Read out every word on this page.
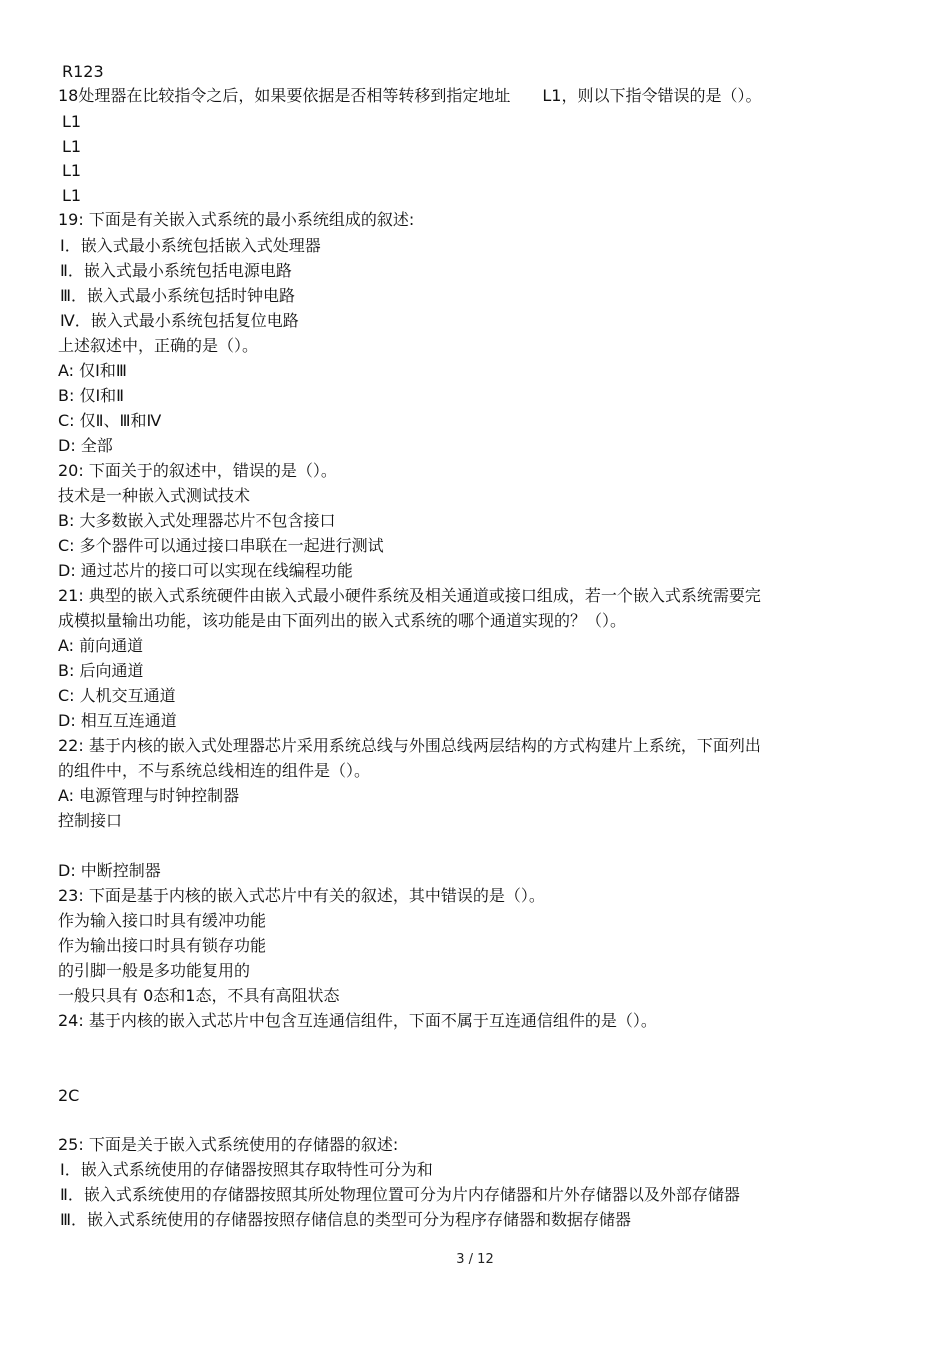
R123
18处理器在比较指令之后，如果要依据是否相等转移到指定地址　　L1，则以下指令错误的是（）。
L1
L1
L1
L1
19: 下面是有关嵌入式系统的最小系统组成的叙述:
Ⅰ．嵌入式最小系统包括嵌入式处理器
Ⅱ．嵌入式最小系统包括电源电路
Ⅲ．嵌入式最小系统包括时钟电路
Ⅳ．嵌入式最小系统包括复位电路
上述叙述中，正确的是（）。
A: 仅Ⅰ和Ⅲ
B: 仅Ⅰ和Ⅱ
C: 仅Ⅱ、Ⅲ和Ⅳ
D: 全部
20: 下面关于的叙述中，错误的是（）。
技术是一种嵌入式测试技术
B: 大多数嵌入式处理器芯片不包含接口
C: 多个器件可以通过接口串联在一起进行测试
D: 通过芯片的接口可以实现在线编程功能
21: 典型的嵌入式系统硬件由嵌入式最小硬件系统及相关通道或接口组成，若一个嵌入式系统需要完
成模拟量输出功能，该功能是由下面列出的嵌入式系统的哪个通道实现的？（）。
A: 前向通道
B: 后向通道
C: 人机交互通道
D: 相互互连通道
22: 基于内核的嵌入式处理器芯片采用系统总线与外围总线两层结构的方式构建片上系统，下面列出
的组件中，不与系统总线相连的组件是（）。
A: 电源管理与时钟控制器
控制接口
D: 中断控制器
23: 下面是基于内核的嵌入式芯片中有关的叙述，其中错误的是（）。
作为输入接口时具有缓冲功能
作为输出接口时具有锁存功能
的引脚一般是多功能复用的
一般只具有 0态和1态，不具有高阻状态
24: 基于内核的嵌入式芯片中包含互连通信组件，下面不属于互连通信组件的是（）。
2C
25: 下面是关于嵌入式系统使用的存储器的叙述:
Ⅰ．嵌入式系统使用的存储器按照其存取特性可分为和
Ⅱ．嵌入式系统使用的存储器按照其所处物理位置可分为片内存储器和片外存储器以及外部存储器
Ⅲ．嵌入式系统使用的存储器按照存储信息的类型可分为程序存储器和数据存储器
3 / 12
